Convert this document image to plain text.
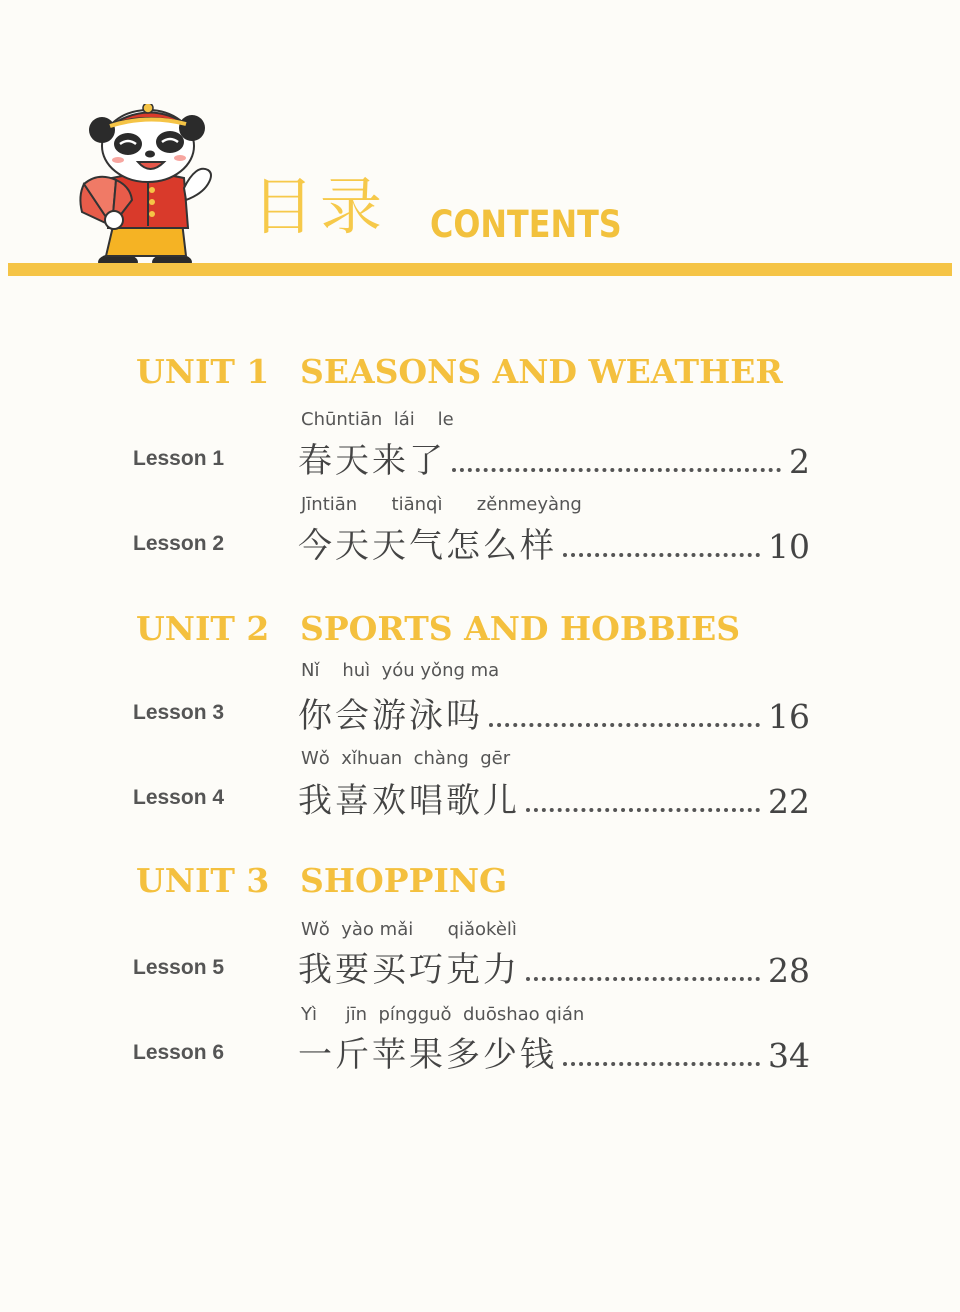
目录 CONTENTS
UNIT 1 SEASONS AND WEATHER
Chūntiān  lái    le
Lesson 1 春天来了	2
Jīntiān      tiānqì      zěnmeyàng
Lesson 2 今天天气怎么样	10
UNIT 2 SPORTS AND HOBBIES
Nǐ    huì  yóu yǒng ma
Lesson 3 你会游泳吗	16
Wǒ  xǐhuan  chàng  gēr
Lesson 4 我喜欢唱歌儿	22
UNIT 3 SHOPPING
Wǒ  yào mǎi      qiǎokèlì
Lesson 5 我要买巧克力	28
Yì     jīn  píngguǒ  duōshao qián
Lesson 6 一斤苹果多少钱	34
